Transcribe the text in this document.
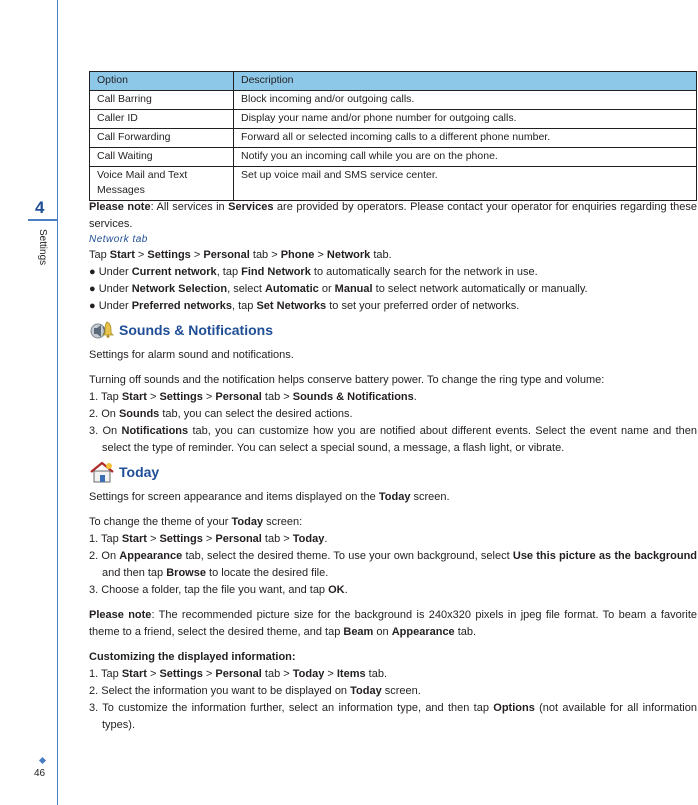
4
Settings
46
Option	Description
Call Barring	Block incoming and/or outgoing calls.
Caller ID	Display your name and/or phone number for outgoing calls.
Call Forwarding	Forward all or selected incoming calls to a different phone number.
Call Waiting	Notify you an incoming call while you are on the phone.
Voice Mail and Text Messages	Set up voice mail and SMS service center.

Please note: All services in Services are provided by operators. Please contact your operator for enquiries regarding these services.

Network tab

Tap Start > Settings > Personal tab > Phone > Network tab.

● Under Current network, tap Find Network to automatically search for the network in use.
● Under Network Selection, select Automatic or Manual to select network automatically or manually.
● Under Preferred networks, tap Set Networks to set your preferred order of networks.
Sounds & Notifications

Settings for alarm sound and notifications.

Turning off sounds and the notification helps conserve battery power. To change the ring type and volume:

1. Tap Start > Settings > Personal tab > Sounds & Notifications.
2. On Sounds tab, you can select the desired actions.
3. On Notifications tab, you can customize how you are notified about different events. Select the event name and then select the type of reminder. You can select a special sound, a message, a flash light, or vibrate.
Today

Settings for screen appearance and items displayed on the Today screen.

To change the theme of your Today screen:

1. Tap Start > Settings > Personal tab > Today.
2. On Appearance tab, select the desired theme. To use your own background, select Use this picture as the background and then tap Browse to locate the desired file.
3. Choose a folder, tap the file you want, and tap OK.

Please note: The recommended picture size for the background is 240x320 pixels in jpeg file format. To beam a favorite theme to a friend, select the desired theme, and tap Beam on Appearance tab.

Customizing the displayed information:

1. Tap Start > Settings > Personal tab > Today > Items tab.
2. Select the information you want to be displayed on Today screen.
3. To customize the information further, select an information type, and then tap Options (not available for all information types).
